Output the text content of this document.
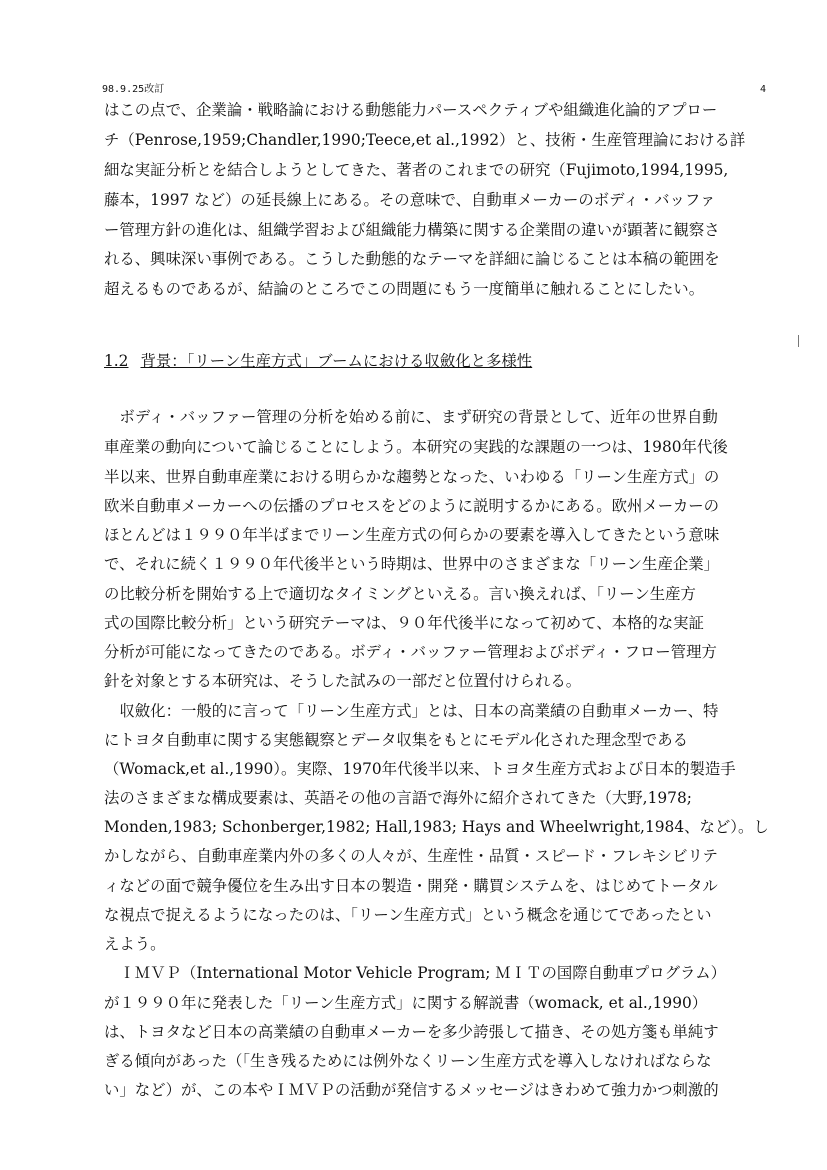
98.9.25改訂	4
はこの点で、企業論・戦略論における動態能力パースペクティブや組織進化論的アプロー
チ（Penrose,1959;Chandler,1990;Teece,et al.,1992）と、技術・生産管理論における詳
細な実証分析とを結合しようとしてきた、著者のこれまでの研究（Fujimoto,1994,1995,
藤本，1997 など）の延長線上にある。その意味で、自動車メーカーのボディ・バッファ
ー管理方針の進化は、組織学習および組織能力構築に関する企業間の違いが顕著に観察さ
れる、興味深い事例である。こうした動態的なテーマを詳細に論じることは本稿の範囲を
超えるものであるが、結論のところでこの問題にもう一度簡単に触れることにしたい。
1.2 背景：「リーン生産方式」ブームにおける収斂化と多様性
　ボディ・バッファー管理の分析を始める前に、まず研究の背景として、近年の世界自動
車産業の動向について論じることにしよう。本研究の実践的な課題の一つは、1980年代後
半以来、世界自動車産業における明らかな趨勢となった、いわゆる「リーン生産方式」の
欧米自動車メーカーへの伝播のプロセスをどのように説明するかにある。欧州メーカーの
ほとんどは１９９０年半ばまでリーン生産方式の何らかの要素を導入してきたという意味
で、それに続く１９９０年代後半という時期は、世界中のさまざまな「リーン生産企業」
の比較分析を開始する上で適切なタイミングといえる。言い換えれば、「リーン生産方
式の国際比較分析」という研究テーマは、９０年代後半になって初めて、本格的な実証
分析が可能になってきたのである。ボディ・バッファー管理およびボディ・フロー管理方
針を対象とする本研究は、そうした試みの一部だと位置付けられる。
　収斂化：一般的に言って「リーン生産方式」とは、日本の高業績の自動車メーカー、特
にトヨタ自動車に関する実態観察とデータ収集をもとにモデル化された理念型である
（Womack,et al.,1990）。実際、1970年代後半以来、トヨタ生産方式および日本的製造手
法のさまざまな構成要素は、英語その他の言語で海外に紹介されてきた（大野,1978;
Monden,1983; Schonberger,1982; Hall,1983; Hays and Wheelwright,1984、など）。し
かしながら、自動車産業内外の多くの人々が、生産性・品質・スピード・フレキシビリテ
ィなどの面で競争優位を生み出す日本の製造・開発・購買システムを、はじめてトータル
な視点で捉えるようになったのは、「リーン生産方式」という概念を通じてであったとい
えよう。
　ＩＭＶＰ（International Motor Vehicle Program; ＭＩＴの国際自動車プログラム）
が１９９０年に発表した「リーン生産方式」に関する解説書（womack, et al.,1990）
は、トヨタなど日本の高業績の自動車メーカーを多少誇張して描き、その処方箋も単純す
ぎる傾向があった（「生き残るためには例外なくリーン生産方式を導入しなければならな
い」など）が、この本やＩＭＶＰの活動が発信するメッセージはきわめて強力かつ刺激的
